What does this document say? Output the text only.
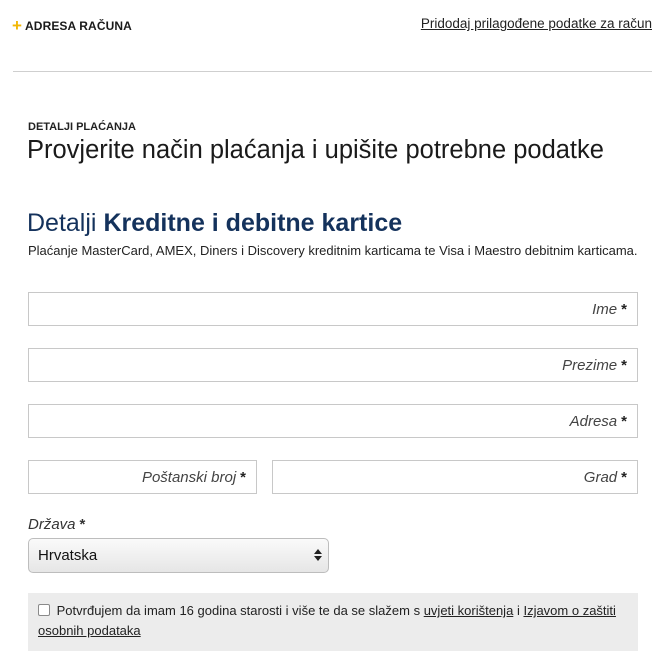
+ ADRESA RAČUNA	Pridodaj prilagođene podatke za račun
DETALJI PLAĆANJA
Provjerite način plaćanja i upišite potrebne podatke
Detalji Kreditne i debitne kartice
Plaćanje MasterCard, AMEX, Diners i Discovery kreditnim karticama te Visa i Maestro debitnim karticama.
Ime *
Prezime *
Adresa *
Poštanski broj *	Grad *
Država *
Hrvatska
Potvrđujem da imam 16 godina starosti i više te da se slažem s uvjeti korištenja i Izjavom o zaštiti osobnih podataka
